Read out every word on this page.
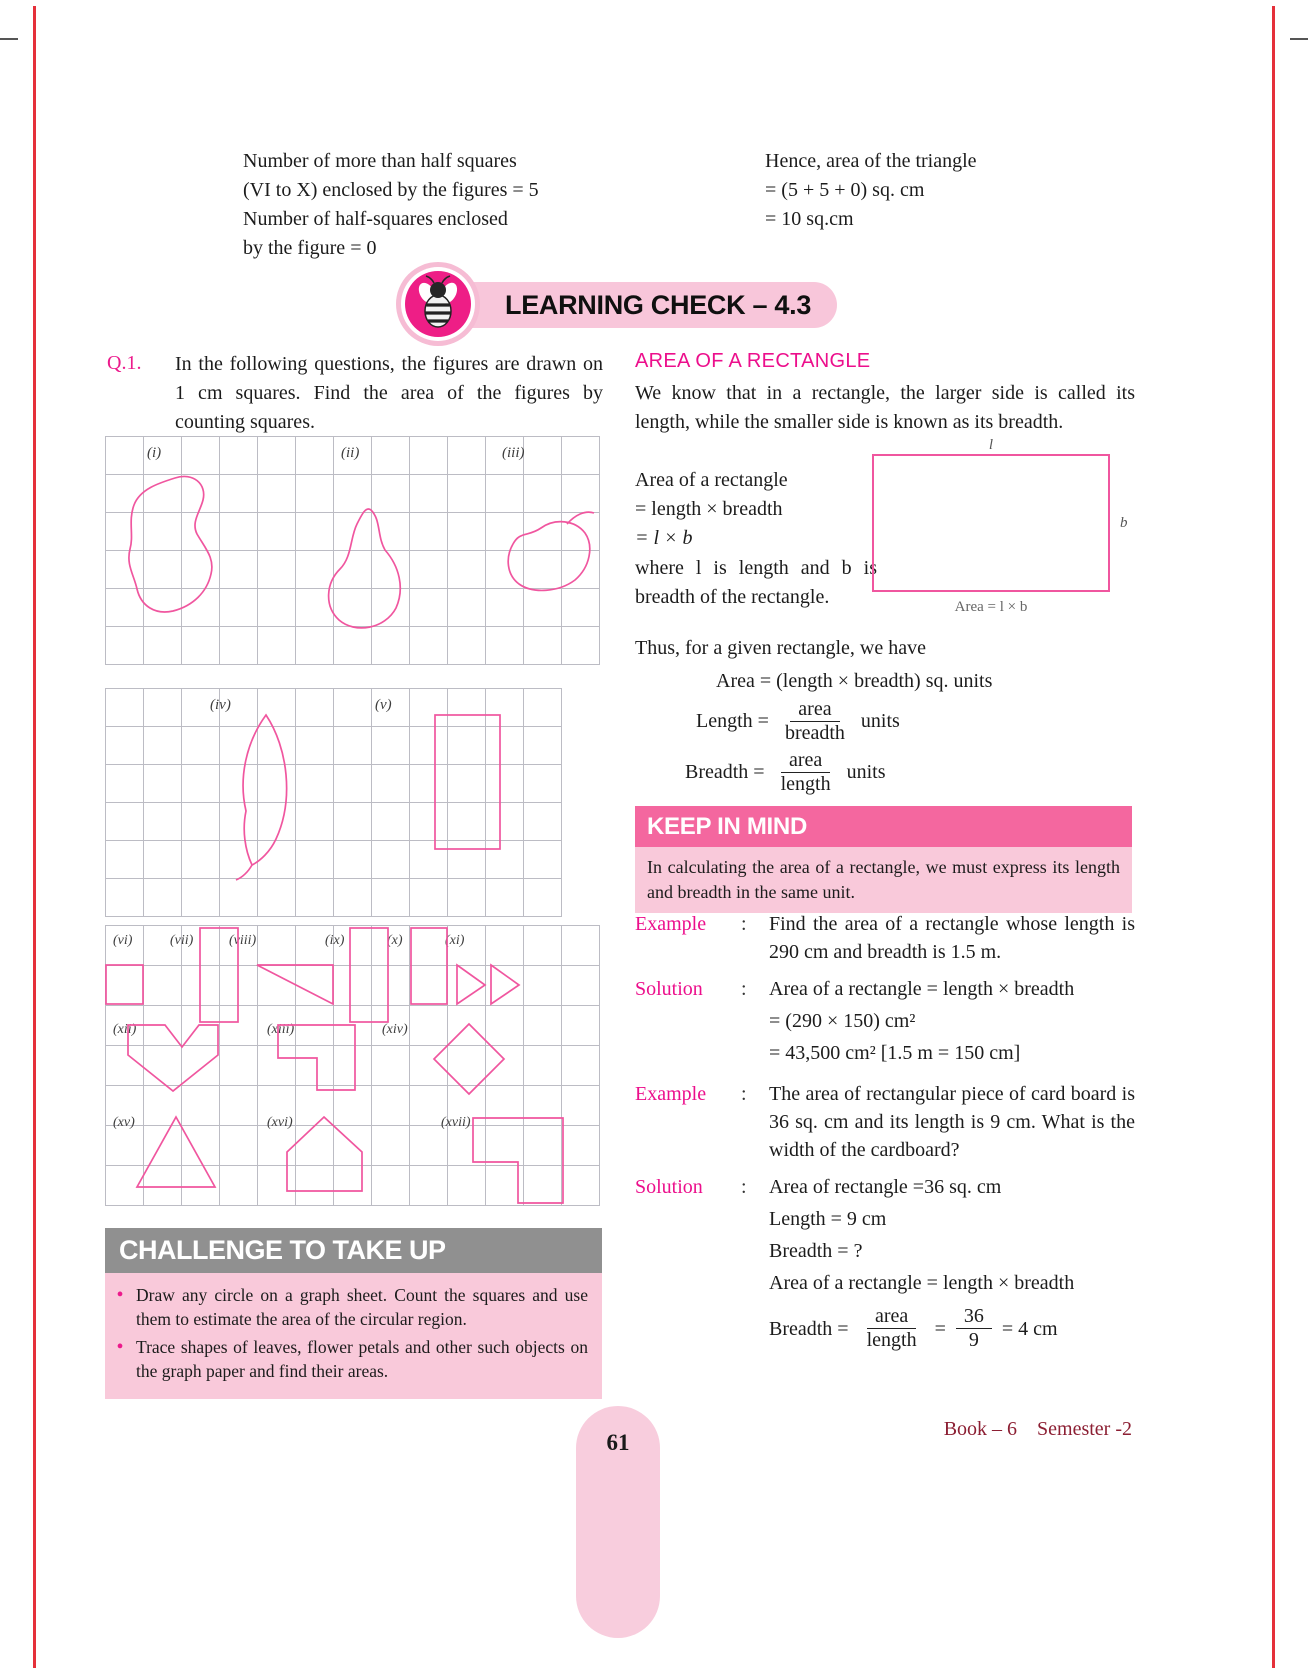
Number of more than half squares
(VI to X) enclosed by the figures = 5
Number of half-squares enclosed
by the figure = 0
Hence, area of the triangle
= (5 + 5 + 0) sq. cm
= 10 sq.cm
LEARNING CHECK – 4.3
Q.1. In the following questions, the figures are drawn on 1 cm squares. Find the area of the figures by counting squares.
(i)	(ii)	(iii)
(iv)	(v)
(vi)	(vii)	(viii)	(ix)	(x)	(xi)
(xii)	(xiii)	(xiv)
(xv)	(xvi)	(xvii)
CHALLENGE TO TAKE UP
• Draw any circle on a graph sheet. Count the squares and use them to estimate the area of the circular region.
• Trace shapes of leaves, flower petals and other such objects on the graph paper and find their areas.
AREA OF A RECTANGLE
We know that in a rectangle, the larger side is called its length, while the smaller side is known as its breadth.
Area of a rectangle
= length × breadth
= l × b
where l is length and b is breadth of the rectangle.
l
b
Area = l × b
Thus, for a given rectangle, we have
Area = (length × breadth) sq. units
Length = $\frac{\text{area}}{\text{breadth}}$ units
Breadth = $\frac{\text{area}}{\text{length}}$ units
KEEP IN MIND
In calculating the area of a rectangle, we must express its length and breadth in the same unit.
Example	:	Find the area of a rectangle whose length is 290 cm and breadth is 1.5 m.
Solution	:	Area of a rectangle = length × breadth
= (290 × 150) cm²
= 43,500 cm² [1.5 m = 150 cm]
Example	:	The area of rectangular piece of card board is 36 sq. cm and its length is 9 cm. What is the width of the cardboard?
Solution	:	Area of rectangle =36 sq. cm
Length = 9 cm
Breadth = ?
Area of a rectangle = length × breadth
Breadth = $\frac{\text{area}}{\text{length}} = \frac{36}{9} = 4$ cm
Book – 6    Semester -2
61
